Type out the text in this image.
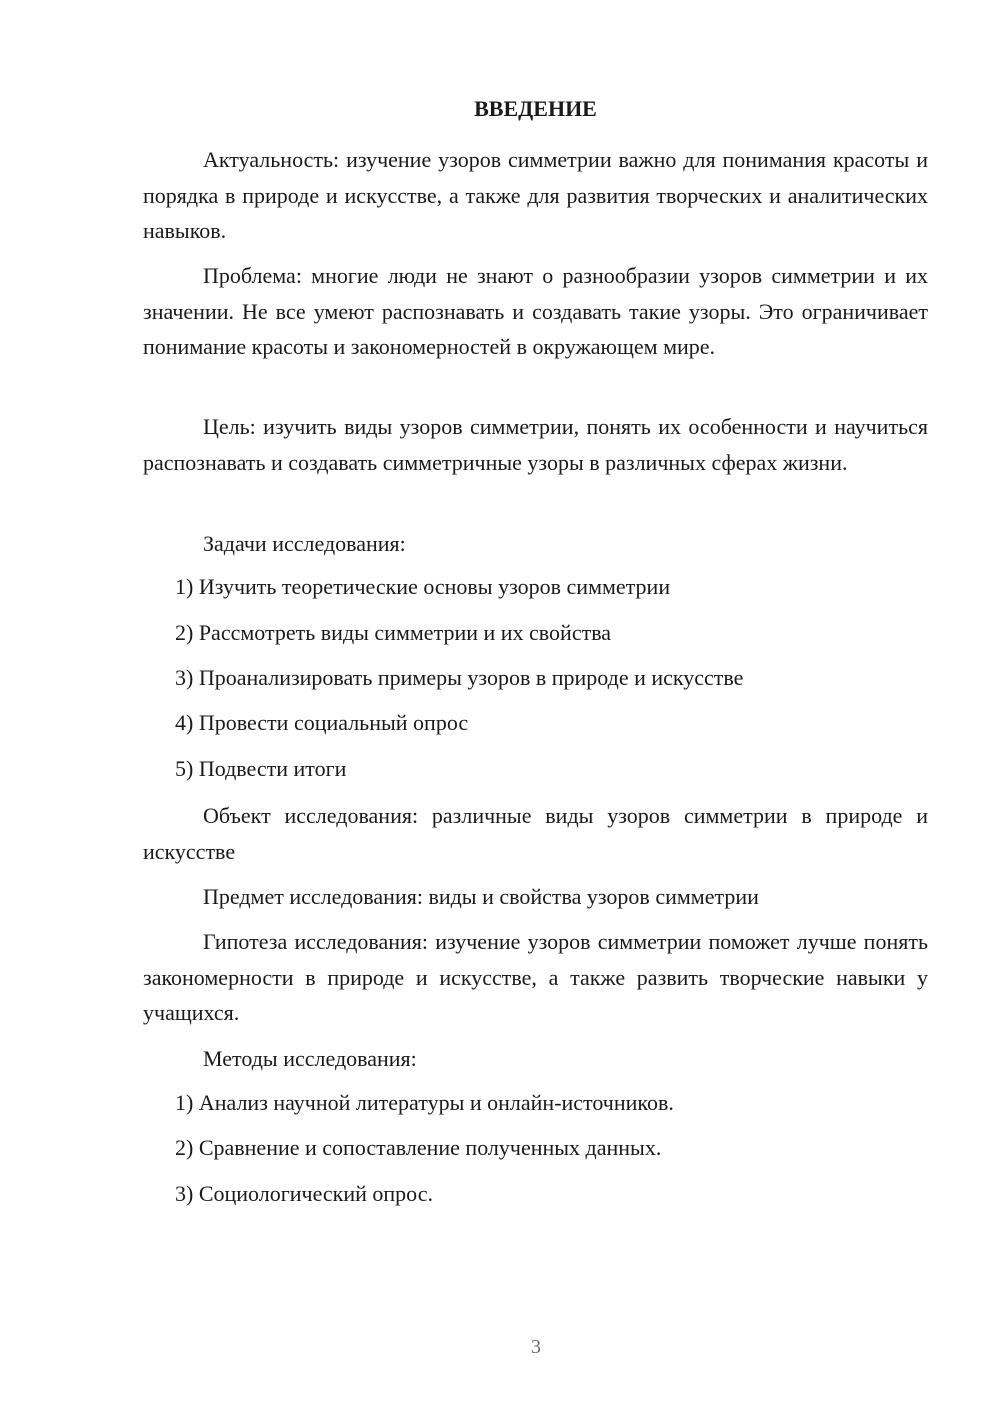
ВВЕДЕНИЕ

Актуальность: изучение узоров симметрии важно для понимания красоты и порядка в природе и искусстве, а также для развития творческих и аналитических навыков.

Проблема: многие люди не знают о разнообразии узоров симметрии и их значении. Не все умеют распознавать и создавать такие узоры. Это ограничивает понимание красоты и закономерностей в окружающем мире.

Цель: изучить виды узоров симметрии, понять их особенности и научиться распознавать и создавать симметричные узоры в различных сферах жизни.

Задачи исследования:

1) Изучить теоретические основы узоров симметрии

2) Рассмотреть виды симметрии и их свойства

3) Проанализировать примеры узоров в природе и искусстве

4) Провести социальный опрос

5) Подвести итоги

Объект исследования: различные виды узоров симметрии в природе и искусстве

Предмет исследования: виды и свойства узоров симметрии

Гипотеза исследования: изучение узоров симметрии поможет лучше понять закономерности в природе и искусстве, а также развить творческие навыки у учащихся.

Методы исследования:

1) Анализ научной литературы и онлайн-источников.

2) Сравнение и сопоставление полученных данных.

3) Социологический опрос.

3
